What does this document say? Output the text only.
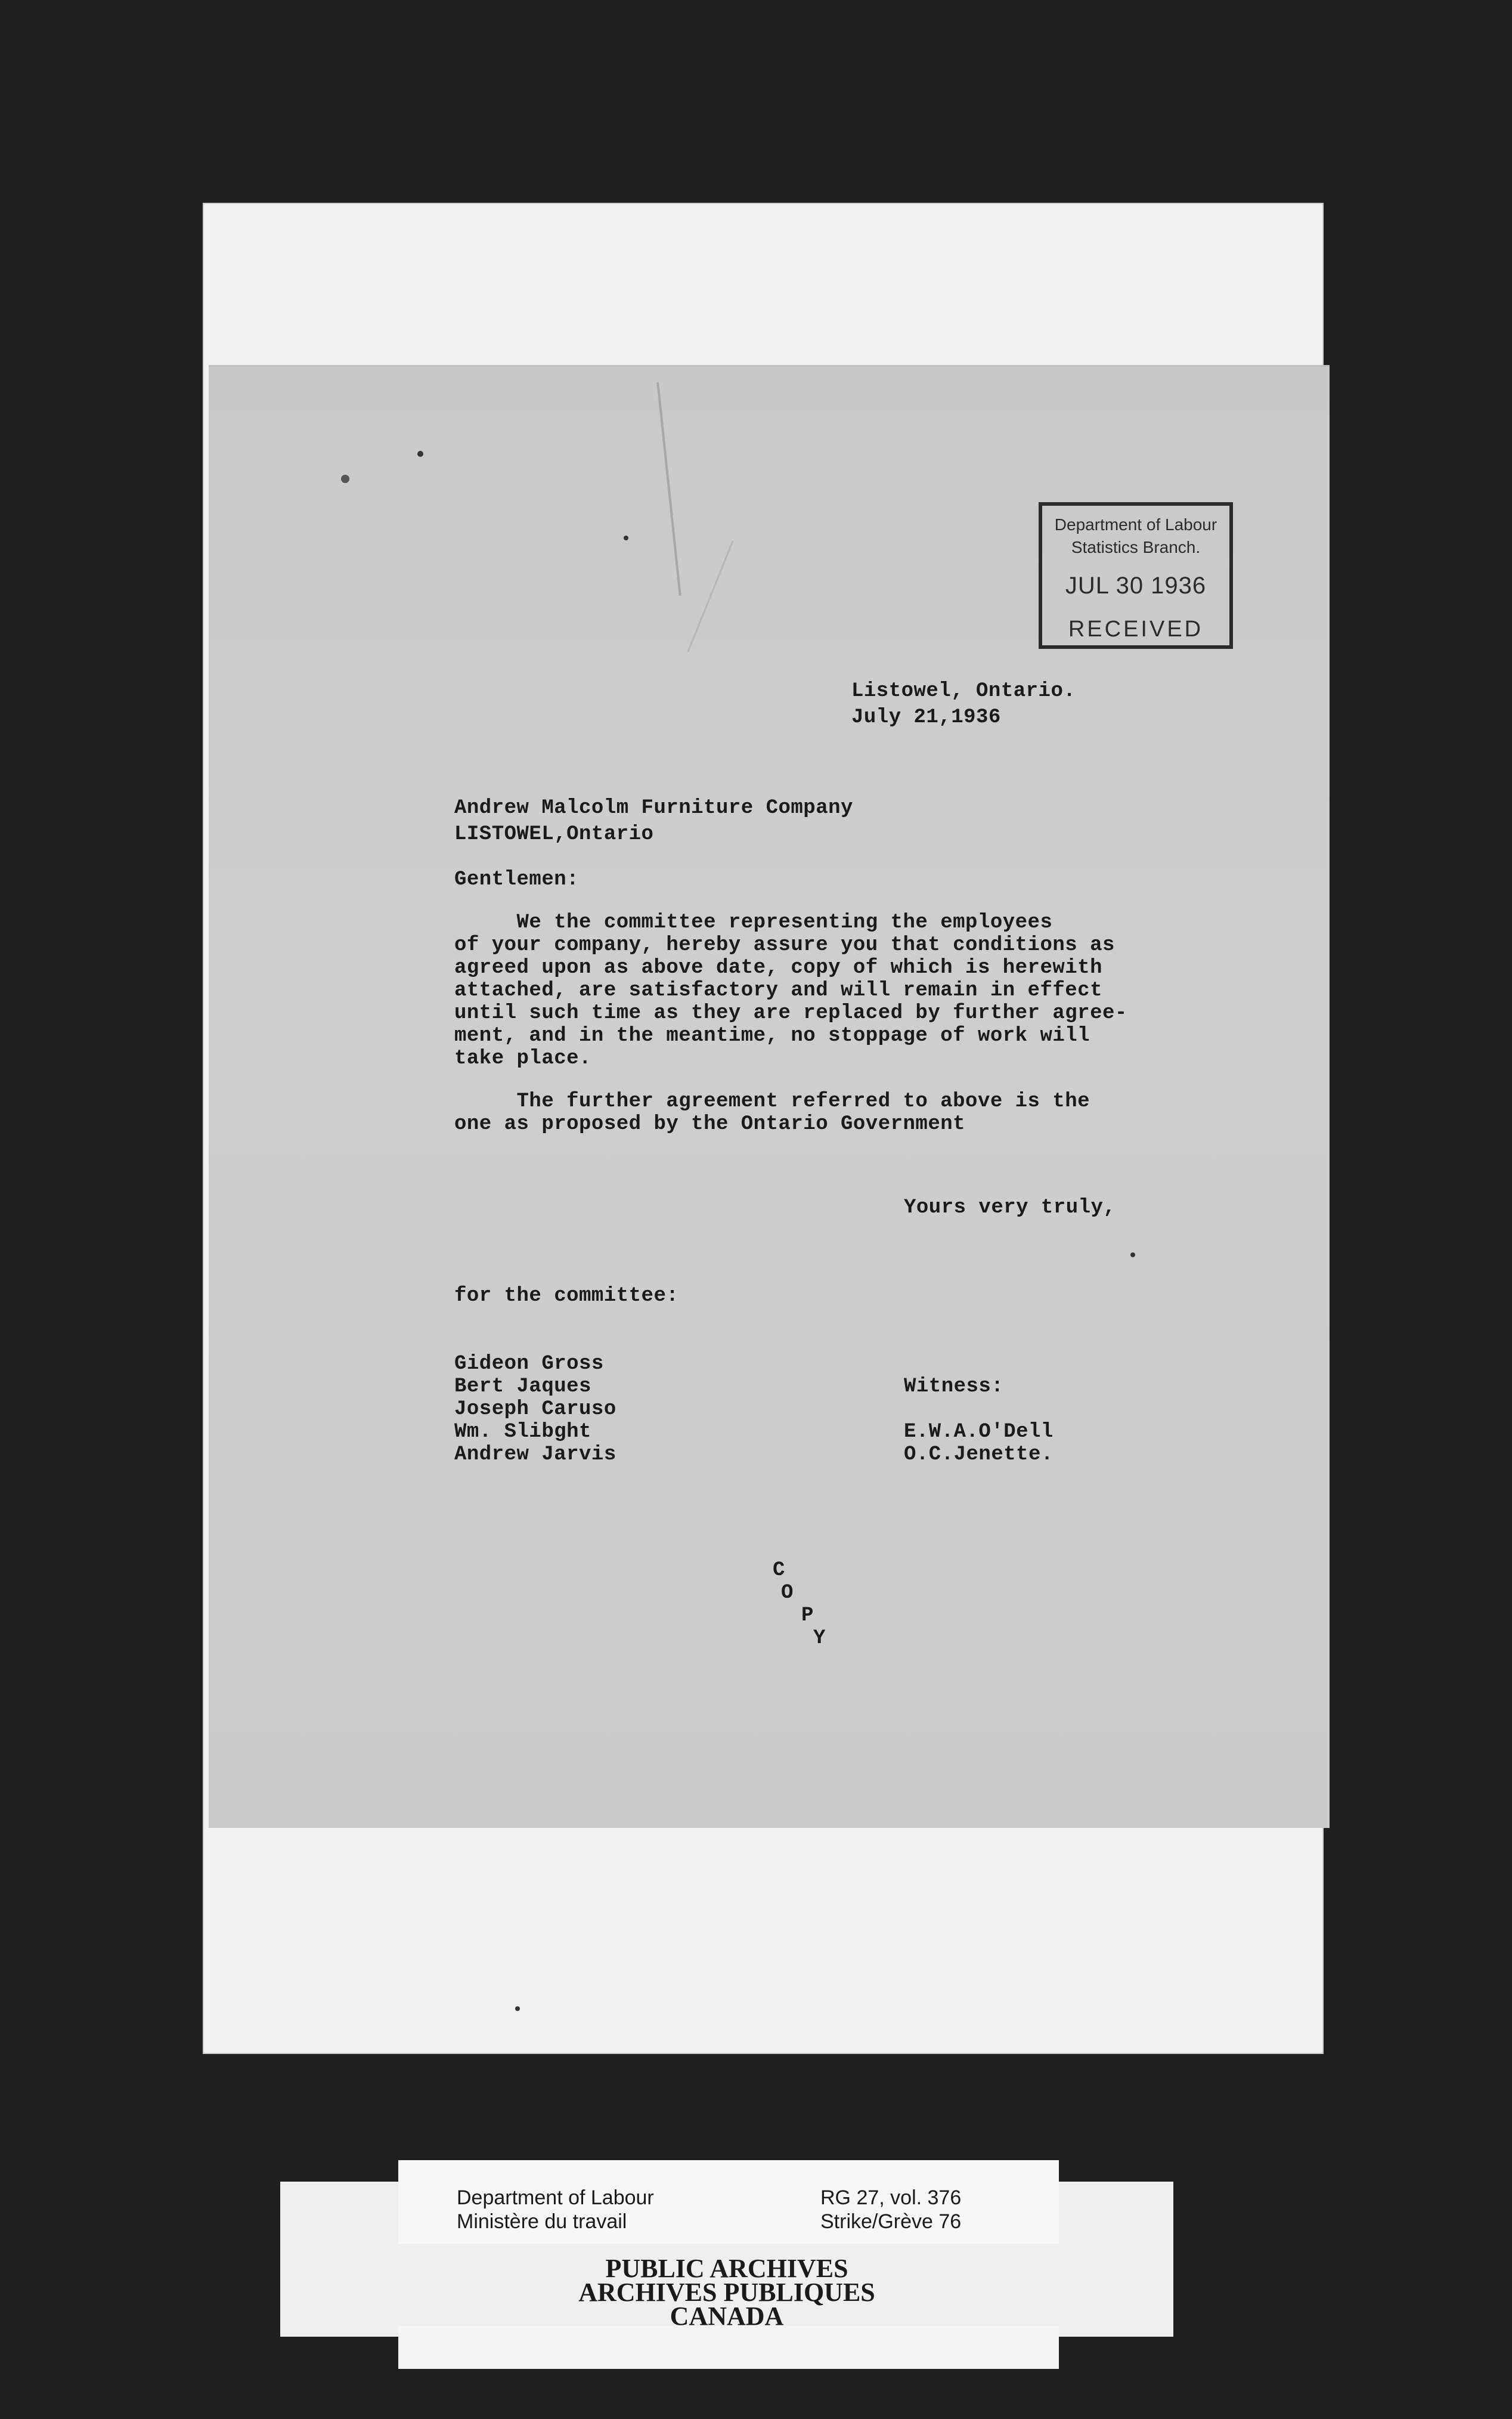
Department of Labour
Statistics Branch.
JUL 30 1936
RECEIVED
Listowel, Ontario.
July 21,1936
Andrew Malcolm Furniture Company
LISTOWEL,Ontario
Gentlemen:
We the committee representing the employees
of your company, hereby assure you that conditions as
agreed upon as above date, copy of which is herewith
attached, are satisfactory and will remain in effect
until such time as they are replaced by further agree-
ment, and in the meantime, no stoppage of work will
take place.
The further agreement referred to above is the
one as proposed by the Ontario Government
Yours very truly,
for the committee:
Gideon Gross
Bert Jaques
Joseph Caruso
Wm. Slibght
Andrew Jarvis
Witness:
E.W.A.O'Dell
O.C.Jenette.
C
O
P
Y
Department of Labour
Ministère du travail
RG 27, vol. 376
Strike/Grève 76
PUBLIC ARCHIVES
ARCHIVES PUBLIQUES
CANADA
